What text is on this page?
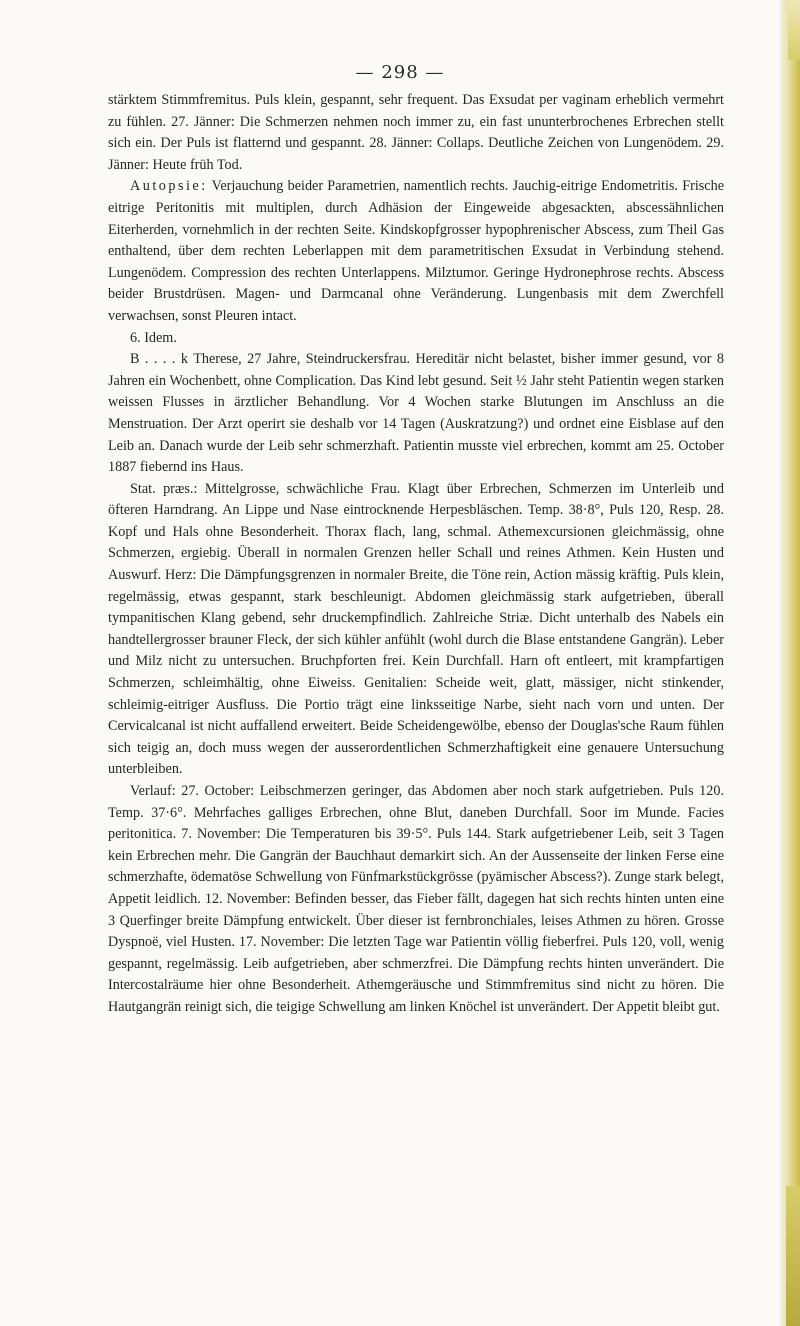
— 298 —

stärktem Stimmfremitus. Puls klein, gespannt, sehr frequent. Das Exsudat per vaginam erheblich vermehrt zu fühlen. 27. Jänner: Die Schmerzen nehmen noch immer zu, ein fast ununterbrochenes Erbrechen stellt sich ein. Der Puls ist flatternd und gespannt. 28. Jänner: Collaps. Deutliche Zeichen von Lungenödem. 29. Jänner: Heute früh Tod.

Autopsie: Verjauchung beider Parametrien, namentlich rechts. Jauchig-eitrige Endometritis. Frische eitrige Peritonitis mit multiplen, durch Adhäsion der Eingeweide abgesackten, abscessähnlichen Eiterherden, vornehmlich in der rechten Seite. Kindskopfgrosser hypophrenischer Abscess, zum Theil Gas enthaltend, über dem rechten Leberlappen mit dem parametritischen Exsudat in Verbindung stehend. Lungenödem. Compression des rechten Unterlappens. Milztumor. Geringe Hydronephrose rechts. Abscess beider Brustdrüsen. Magen- und Darmcanal ohne Veränderung. Lungenbasis mit dem Zwerchfell verwachsen, sonst Pleuren intact.

6. Idem.

B . . . . k Therese, 27 Jahre, Steindruckersfrau. Hereditär nicht belastet, bisher immer gesund, vor 8 Jahren ein Wochenbett, ohne Complication. Das Kind lebt gesund. Seit ½ Jahr steht Patientin wegen starken weissen Flusses in ärztlicher Behandlung. Vor 4 Wochen starke Blutungen im Anschluss an die Menstruation. Der Arzt operirt sie deshalb vor 14 Tagen (Auskratzung?) und ordnet eine Eisblase auf den Leib an. Danach wurde der Leib sehr schmerzhaft. Patientin musste viel erbrechen, kommt am 25. October 1887 fiebernd ins Haus.

Stat. præs.: Mittelgrosse, schwächliche Frau. Klagt über Erbrechen, Schmerzen im Unterleib und öfteren Harndrang. An Lippe und Nase eintrocknende Herpesbläschen. Temp. 38·8°, Puls 120, Resp. 28. Kopf und Hals ohne Besonderheit. Thorax flach, lang, schmal. Athemexcursionen gleichmässig, ohne Schmerzen, ergiebig. Überall in normalen Grenzen heller Schall und reines Athmen. Kein Husten und Auswurf. Herz: Die Dämpfungsgrenzen in normaler Breite, die Töne rein, Action mässig kräftig. Puls klein, regelmässig, etwas gespannt, stark beschleunigt. Abdomen gleichmässig stark aufgetrieben, überall tympanitischen Klang gebend, sehr druckempfindlich. Zahlreiche Striæ. Dicht unterhalb des Nabels ein handtellergrosser brauner Fleck, der sich kühler anfühlt (wohl durch die Blase entstandene Gangrän). Leber und Milz nicht zu untersuchen. Bruchpforten frei. Kein Durchfall. Harn oft entleert, mit krampfartigen Schmerzen, schleimhältig, ohne Eiweiss. Genitalien: Scheide weit, glatt, mässiger, nicht stinkender, schleimig-eitriger Ausfluss. Die Portio trägt eine linksseitige Narbe, sieht nach vorn und unten. Der Cervicalcanal ist nicht auffallend erweitert. Beide Scheidengewölbe, ebenso der Douglas'sche Raum fühlen sich teigig an, doch muss wegen der ausserordentlichen Schmerzhaftigkeit eine genauere Untersuchung unterbleiben.

Verlauf: 27. October: Leibschmerzen geringer, das Abdomen aber noch stark aufgetrieben. Puls 120. Temp. 37·6°. Mehrfaches galliges Erbrechen, ohne Blut, daneben Durchfall. Soor im Munde. Facies peritonitica. 7. November: Die Temperaturen bis 39·5°. Puls 144. Stark aufgetriebener Leib, seit 3 Tagen kein Erbrechen mehr. Die Gangrän der Bauchhaut demarkirt sich. An der Aussenseite der linken Ferse eine schmerzhafte, ödematöse Schwellung von Fünfmarkstückgrösse (pyämischer Abscess?). Zunge stark belegt, Appetit leidlich. 12. November: Befinden besser, das Fieber fällt, dagegen hat sich rechts hinten unten eine 3 Querfinger breite Dämpfung entwickelt. Über dieser ist fernbronchiales, leises Athmen zu hören. Grosse Dyspnoë, viel Husten. 17. November: Die letzten Tage war Patientin völlig fieberfrei. Puls 120, voll, wenig gespannt, regelmässig. Leib aufgetrieben, aber schmerzfrei. Die Dämpfung rechts hinten unverändert. Die Intercostalräume hier ohne Besonderheit. Athemgeräusche und Stimmfremitus sind nicht zu hören. Die Hautgangrän reinigt sich, die teigige Schwellung am linken Knöchel ist unverändert. Der Appetit bleibt gut.
